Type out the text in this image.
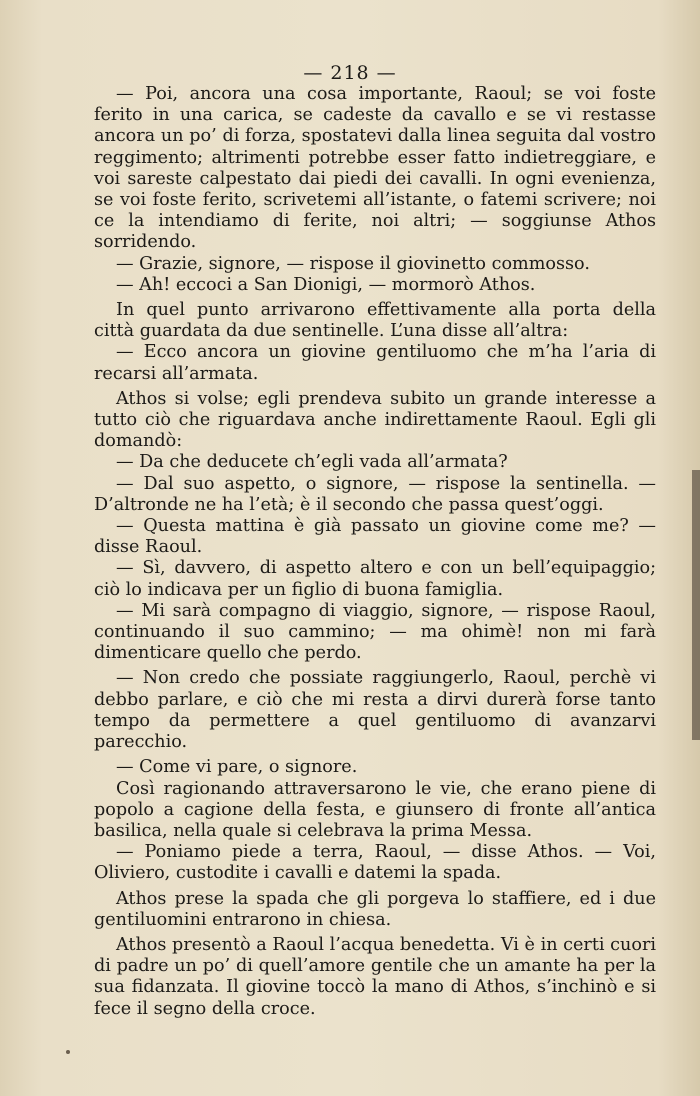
— 218 —

— Poi, ancora una cosa importante, Raoul; se voi foste ferito in una carica, se cadeste da cavallo e se vi restasse ancora un po’ di forza, spostatevi dalla linea seguita dal vostro reggimento; altrimenti potrebbe esser fatto indietreggiare, e voi sareste calpestato dai piedi dei cavalli. In ogni evenienza, se voi foste ferito, scrivetemi all’istante, o fatemi scrivere; noi ce la intendiamo di ferite, noi altri; — soggiunse Athos sorridendo.

— Grazie, signore, — rispose il giovinetto commosso.

— Ah! eccoci a San Dionigi, — mormorò Athos.

In quel punto arrivarono effettivamente alla porta della città guardata da due sentinelle. L’una disse all’altra:

— Ecco ancora un giovine gentiluomo che m’ha l’aria di recarsi all’armata.

Athos si volse; egli prendeva subito un grande interesse a tutto ciò che riguardava anche indirettamente Raoul. Egli gli domandò:

— Da che deducete ch’egli vada all’armata?

— Dal suo aspetto, o signore, — rispose la sentinella. — D’altronde ne ha l’età; è il secondo che passa quest’oggi.

— Questa mattina è già passato un giovine come me? — disse Raoul.

— Sì, davvero, di aspetto altero e con un bell’equipaggio; ciò lo indicava per un figlio di buona famiglia.

— Mi sarà compagno di viaggio, signore, — rispose Raoul, continuando il suo cammino; — ma ohimè! non mi farà dimenticare quello che perdo.

— Non credo che possiate raggiungerlo, Raoul, perchè vi debbo parlare, e ciò che mi resta a dirvi durerà forse tanto tempo da permettere a quel gentiluomo di avanzarvi parecchio.

— Come vi pare, o signore.

Così ragionando attraversarono le vie, che erano piene di popolo a cagione della festa, e giunsero di fronte all’antica basilica, nella quale si celebrava la prima Messa.

— Poniamo piede a terra, Raoul, — disse Athos. — Voi, Oliviero, custodite i cavalli e datemi la spada.

Athos prese la spada che gli porgeva lo staffiere, ed i due gentiluomini entrarono in chiesa.

Athos presentò a Raoul l’acqua benedetta. Vi è in certi cuori di padre un po’ di quell’amore gentile che un amante ha per la sua fidanzata. Il giovine toccò la mano di Athos, s’inchinò e si fece il segno della croce.
